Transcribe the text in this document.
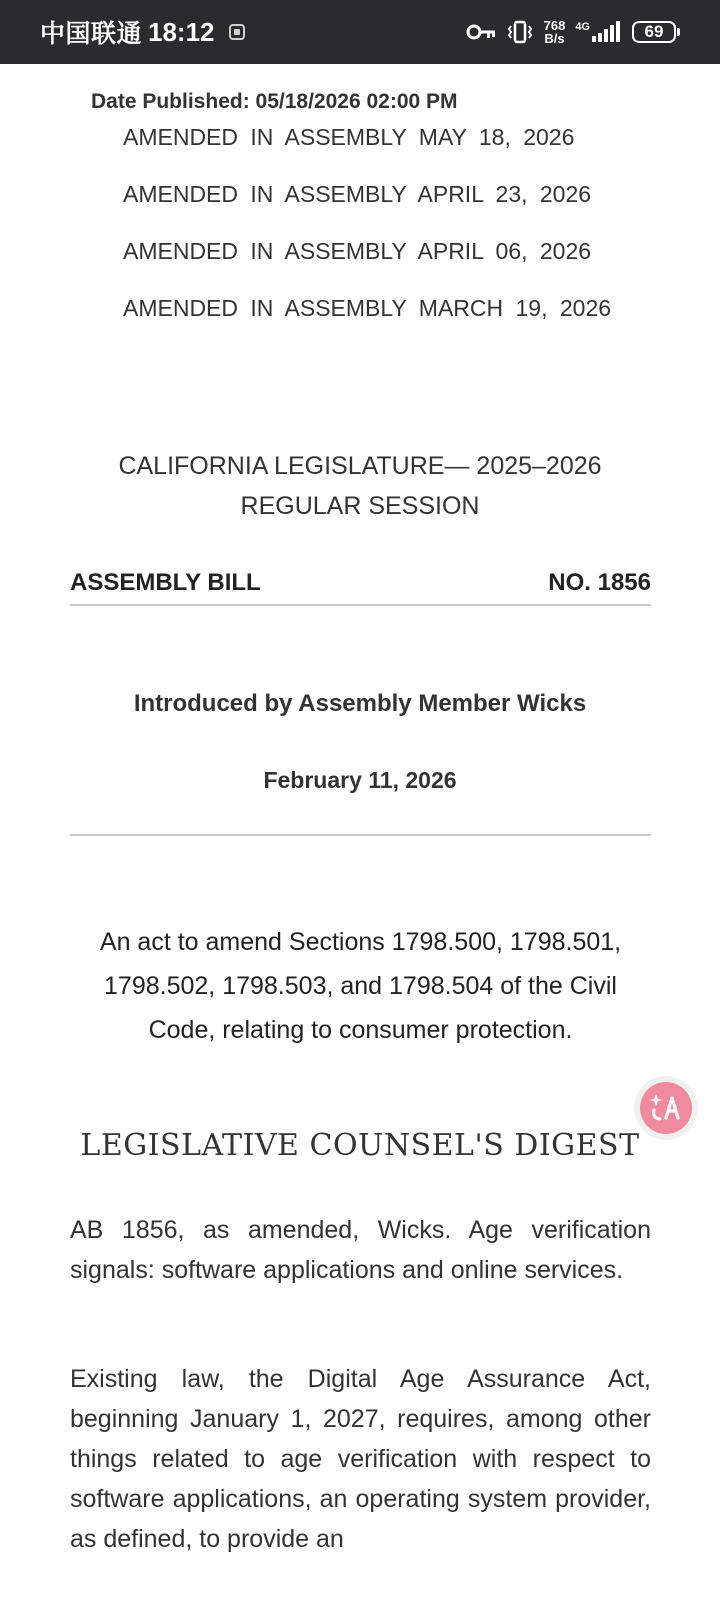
中国联通 18:12	768
B/s
4G	69
Date Published: 05/18/2026 02:00 PM
AMENDED IN ASSEMBLY MAY 18, 2026
AMENDED IN ASSEMBLY APRIL 23, 2026
AMENDED IN ASSEMBLY APRIL 06, 2026
AMENDED IN ASSEMBLY MARCH 19, 2026
CALIFORNIA LEGISLATURE— 2025–2026
REGULAR SESSION
ASSEMBLY BILL	NO. 1856
Introduced by Assembly Member Wicks
February 11, 2026
An act to amend Sections 1798.500, 1798.501, 1798.502, 1798.503, and 1798.504 of the Civil Code, relating to consumer protection.
LEGISLATIVE COUNSEL'S DIGEST
AB 1856, as amended, Wicks. Age verification signals: software applications and online services.
Existing law, the Digital Age Assurance Act, beginning January 1, 2027, requires, among other things related to age verification with respect to software applications, an operating system provider, as defined, to provide an
